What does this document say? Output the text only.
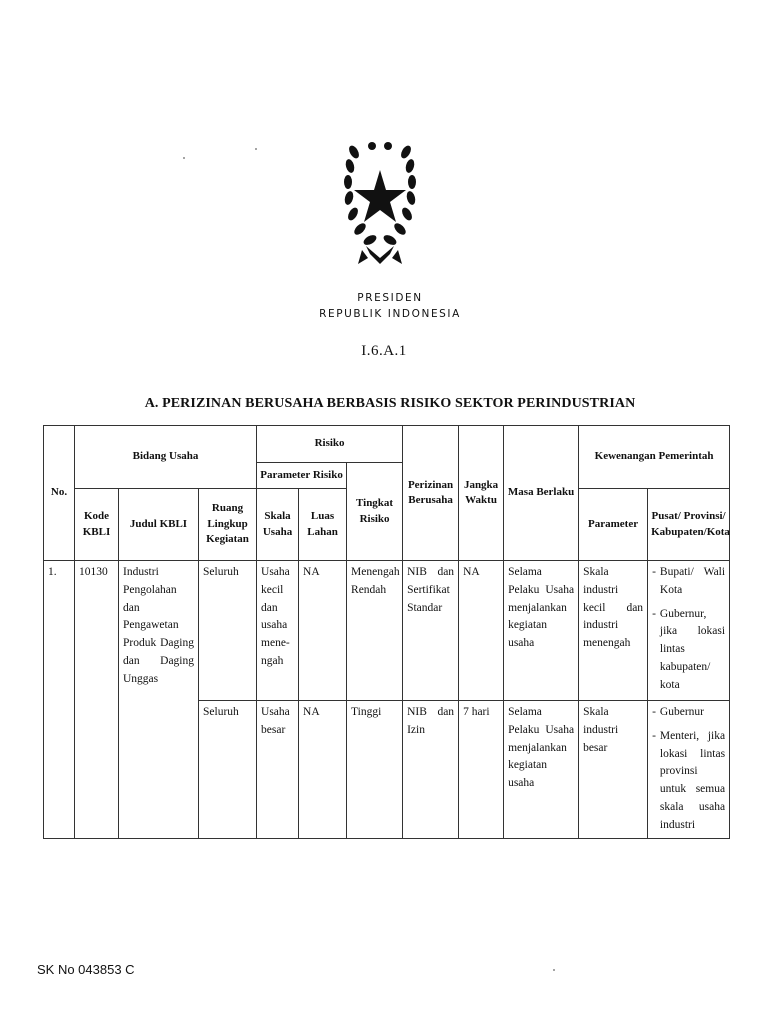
PRESIDEN
REPUBLIK INDONESIA
I.6.A.1
A. PERIZINAN BERUSAHA BERBASIS RISIKO SEKTOR PERINDUSTRIAN
No.	Bidang Usaha			Risiko			Perizinan Berusaha	Jangka Waktu	Masa Berlaku	Kewenangan Pemerintah	
				Parameter Risiko		Tingkat Risiko					
	Kode KBLI	Judul KBLI	Ruang Lingkup Kegiatan	Skala Usaha	Luas Lahan					Parameter	Pusat/ Provinsi/ Kabupaten/Kota
1.	10130	Industri Pengolahan dan Pengawetan Produk Daging dan Daging Unggas	Seluruh	Usaha kecil dan usaha mene-ngah	NA	Menengah Rendah	NIB dan Sertifikat Standar	NA	Selama Pelaku Usaha menjalankan kegiatan usaha	Skala industri kecil dan industri menengah	- Bupati/ Wali Kota
- Gubernur, jika lokasi lintas kabupaten/ kota

			Seluruh	Usaha besar	NA	Tinggi	NIB dan Izin	7 hari	Selama Pelaku Usaha menjalankan kegiatan usaha	Skala industri besar	- Gubernur
- Menteri, jika lokasi lintas provinsi untuk semua skala usaha industri
SK No 043853 C
